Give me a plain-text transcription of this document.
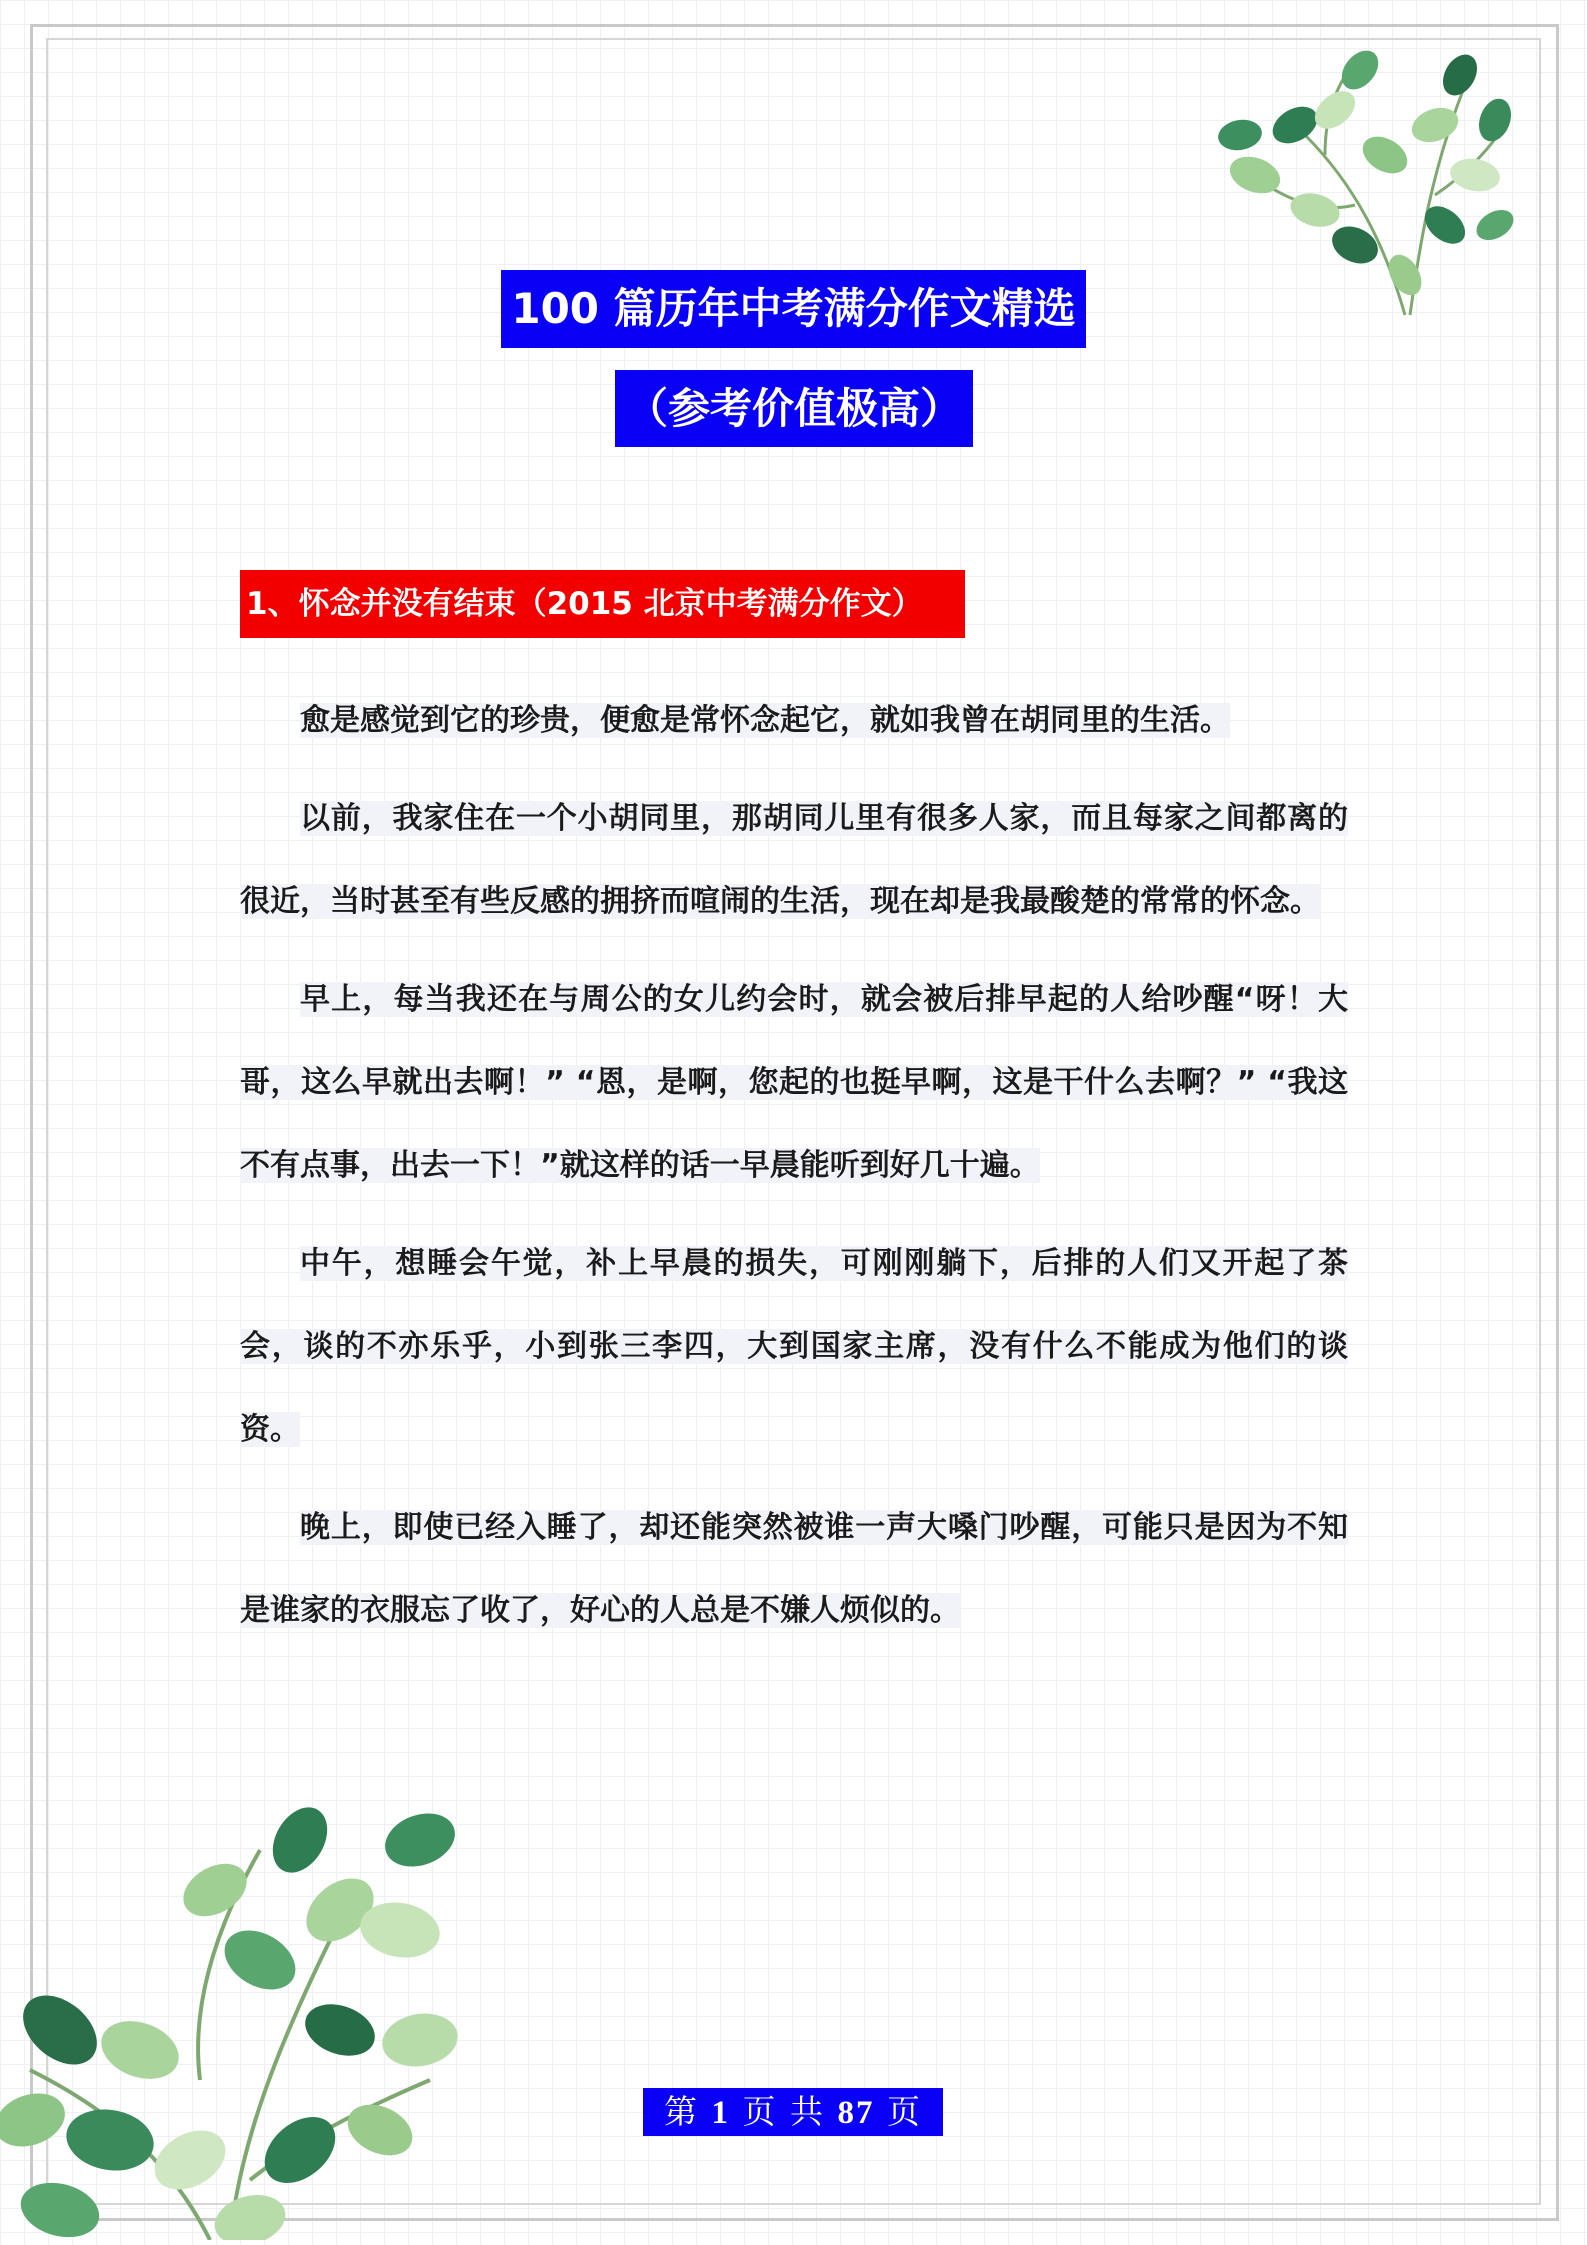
100 篇历年中考满分作文精选
（参考价值极高）
1、怀念并没有结束（2015 北京中考满分作文）

愈是感觉到它的珍贵，便愈是常怀念起它，就如我曾在胡同里的生活。

以前，我家住在一个小胡同里，那胡同儿里有很多人家，而且每家之间都离的很近，当时甚至有些反感的拥挤而喧闹的生活，现在却是我最酸楚的常常的怀念。

早上，每当我还在与周公的女儿约会时，就会被后排早起的人给吵醒“呀！大哥，这么早就出去啊！” “恩，是啊，您起的也挺早啊，这是干什么去啊？” “我这不有点事，出去一下！”就这样的话一早晨能听到好几十遍。

中午，想睡会午觉，补上早晨的损失，可刚刚躺下，后排的人们又开起了茶会，谈的不亦乐乎，小到张三李四，大到国家主席，没有什么不能成为他们的谈资。

晚上，即使已经入睡了，却还能突然被谁一声大嗓门吵醒，可能只是因为不知是谁家的衣服忘了收了，好心的人总是不嫌人烦似的。

第 1 页 共 87 页
